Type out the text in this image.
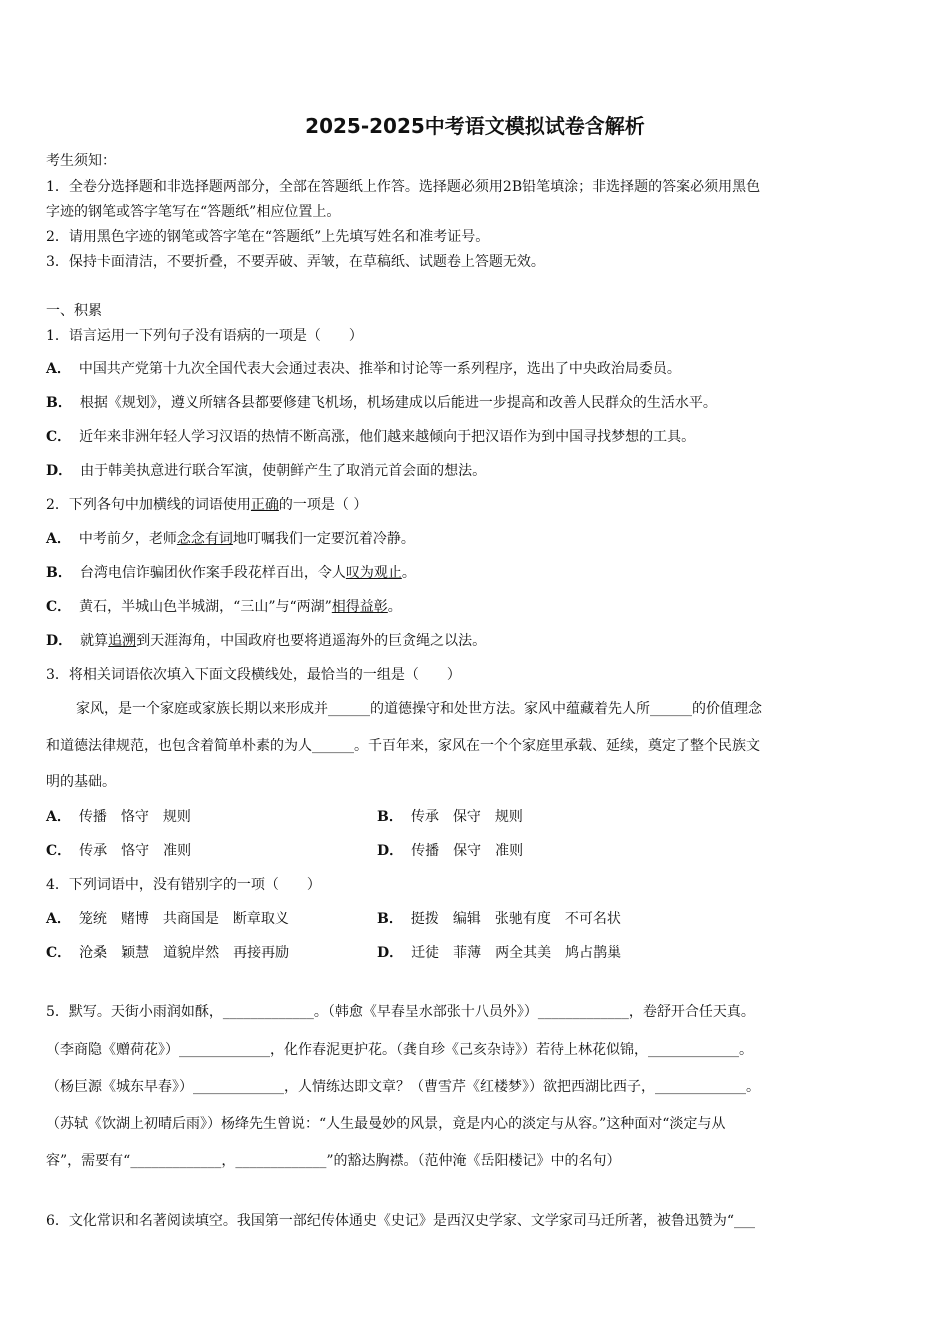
2025-2025中考语文模拟试卷含解析
考生须知：
1．全卷分选择题和非选择题两部分，全部在答题纸上作答。选择题必须用2B铅笔填涂；非选择题的答案必须用黑色
字迹的钢笔或答字笔写在“答题纸”相应位置上。
2．请用黑色字迹的钢笔或答字笔在“答题纸”上先填写姓名和准考证号。
3．保持卡面清洁，不要折叠，不要弄破、弄皱，在草稿纸、试题卷上答题无效。
一、积累
1．语言运用一下列句子没有语病的一项是（　　）
A． 中国共产党第十九次全国代表大会通过表决、推举和讨论等一系列程序，选出了中央政治局委员。
B． 根据《规划》，遵义所辖各县都要修建飞机场，机场建成以后能进一步提高和改善人民群众的生活水平。
C． 近年来非洲年轻人学习汉语的热情不断高涨，他们越来越倾向于把汉语作为到中国寻找梦想的工具。
D． 由于韩美执意进行联合军演，使朝鲜产生了取消元首会面的想法。
2．下列各句中加横线的词语使用正确的一项是（ ）
A． 中考前夕，老师念念有词地叮嘱我们一定要沉着冷静。
B． 台湾电信诈骗团伙作案手段花样百出，令人叹为观止。
C． 黄石，半城山色半城湖，“三山”与“两湖”相得益彰。
D． 就算追溯到天涯海角，中国政府也要将逍遥海外的巨贪绳之以法。
3．将相关词语依次填入下面文段横线处，最恰当的一组是（　　）
家风，是一个家庭或家族长期以来形成并______的道德操守和处世方法。家风中蕴藏着先人所______的价值理念
和道德法律规范，也包含着简单朴素的为人______。千百年来，家风在一个个家庭里承载、延续，奠定了整个民族文
明的基础。
A． 传播　恪守　规则	B． 传承　保守　规则
C． 传承　恪守　准则	D． 传播　保守　准则
4．下列词语中，没有错别字的一项（　　）
A． 笼统　赌博　共商国是　断章取义	B． 挺拨　编辑　张驰有度　不可名状
C． 沧桑　颖慧　道貌岸然　再接再励	D． 迁徒　菲薄　两全其美　鸠占鹊巢
5．默写。天街小雨润如酥，_____________。（韩愈《早春呈水部张十八员外》）_____________，卷舒开合任天真。
（李商隐《赠荷花》）_____________，化作春泥更护花。（龚自珍《己亥杂诗》）若待上林花似锦，_____________。
（杨巨源《城东早春》）_____________，人情练达即文章？（曹雪芹《红楼梦》）欲把西湖比西子，_____________。
（苏轼《饮湖上初晴后雨》）杨绛先生曾说：“人生最曼妙的风景，竟是内心的淡定与从容。”这种面对“淡定与从
容”，需要有“_____________，_____________”的豁达胸襟。（范仲淹《岳阳楼记》中的名句）
6．文化常识和名著阅读填空。我国第一部纪传体通史《史记》是西汉史学家、文学家司马迁所著，被鲁迅赞为“___
